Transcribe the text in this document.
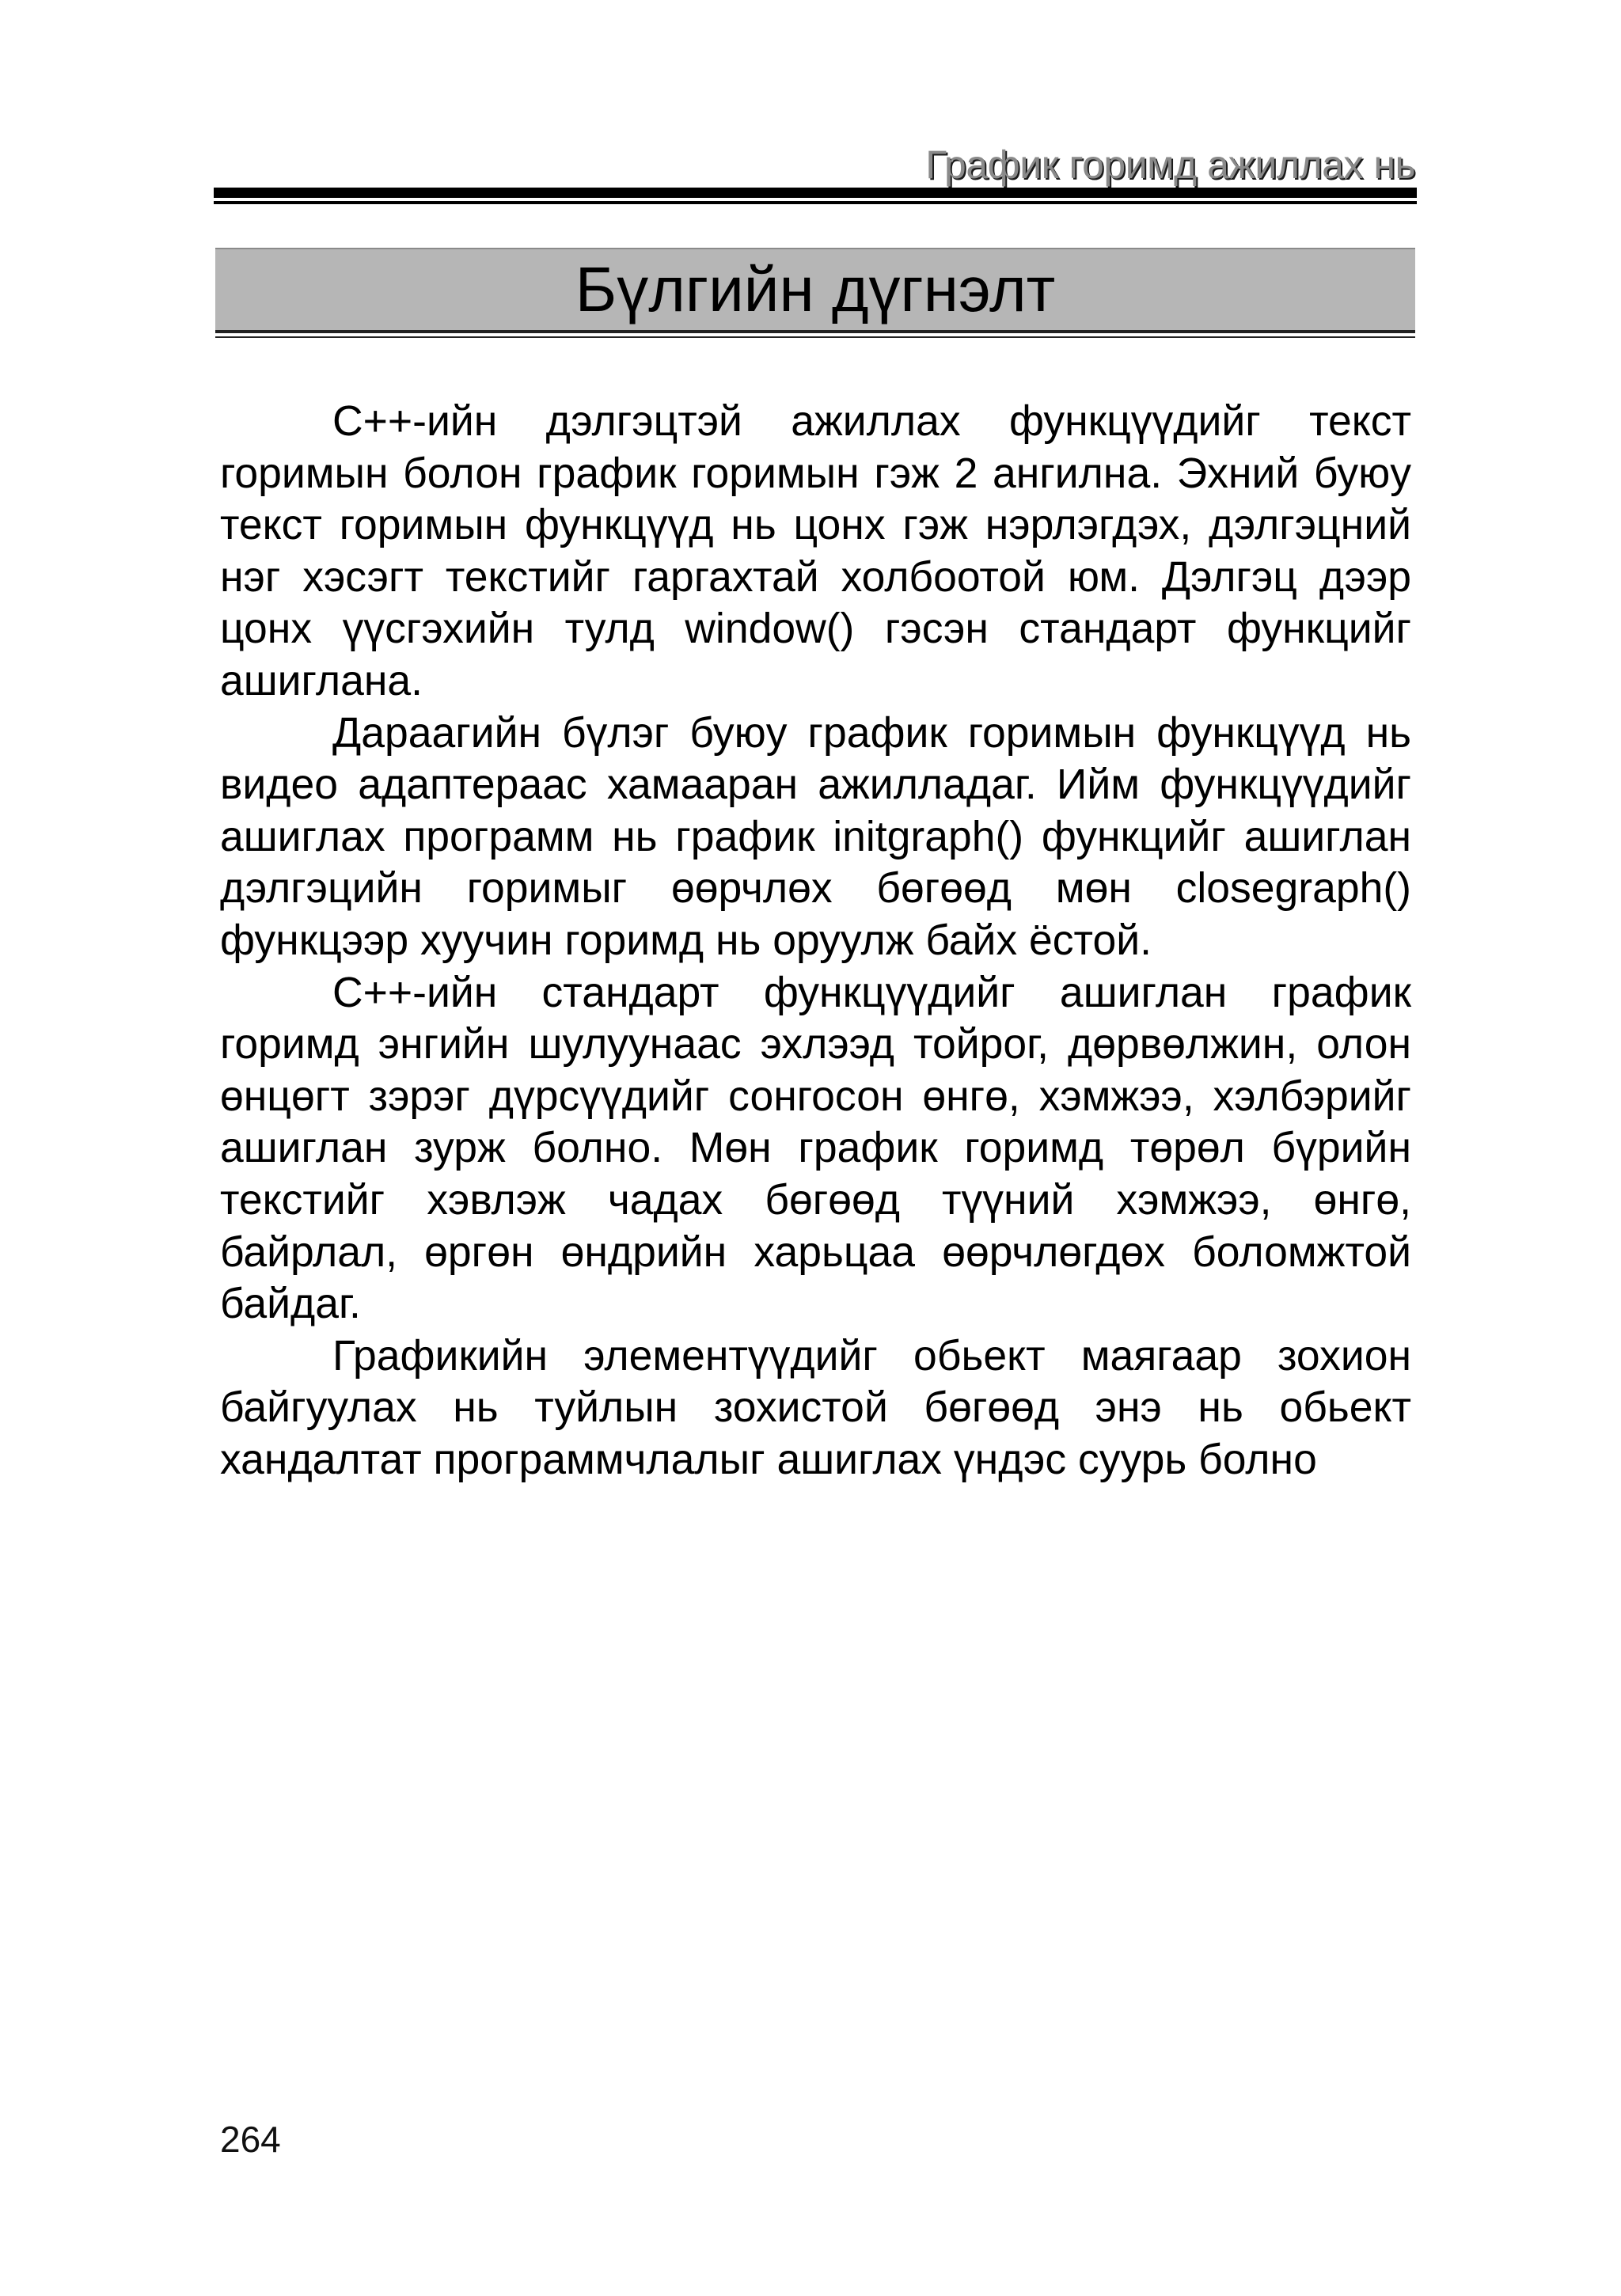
График горимд ажиллах нь
Бүлгийн дүгнэлт

С++-ийн дэлгэцтэй ажиллах функцүүдийг текст горимын болон график горимын гэж 2 ангилна. Эхний буюу текст горимын функцүүд нь цонх гэж нэрлэгдэх, дэлгэцний нэг хэсэгт текстийг гаргахтай холбоотой юм. Дэлгэц дээр цонх үүсгэхийн тулд window() гэсэн стандарт функцийг ашиглана.

Дараагийн бүлэг буюу график горимын функцүүд нь видео адаптераас хамааран ажилладаг. Ийм функцүүдийг ашиглах программ нь график initgraph() функцийг ашиглан дэлгэцийн горимыг өөрчлөх бөгөөд мөн closegraph() функцээр хуучин горимд нь оруулж байх ёстой.

С++-ийн стандарт функцүүдийг ашиглан график горимд энгийн шулуунаас эхлээд тойрог, дөрвөлжин, олон өнцөгт зэрэг дүрсүүдийг сонгосон өнгө, хэмжээ, хэлбэрийг ашиглан зурж болно. Мөн график горимд төрөл бүрийн текстийг хэвлэж чадах бөгөөд түүний хэмжээ, өнгө, байрлал, өргөн өндрийн харьцаа өөрчлөгдөх боломжтой байдаг.

Графикийн элементүүдийг обьект маягаар зохион байгуулах нь туйлын зохистой бөгөөд энэ нь обьект хандалтат программчлалыг ашиглах үндэс суурь болно

264
